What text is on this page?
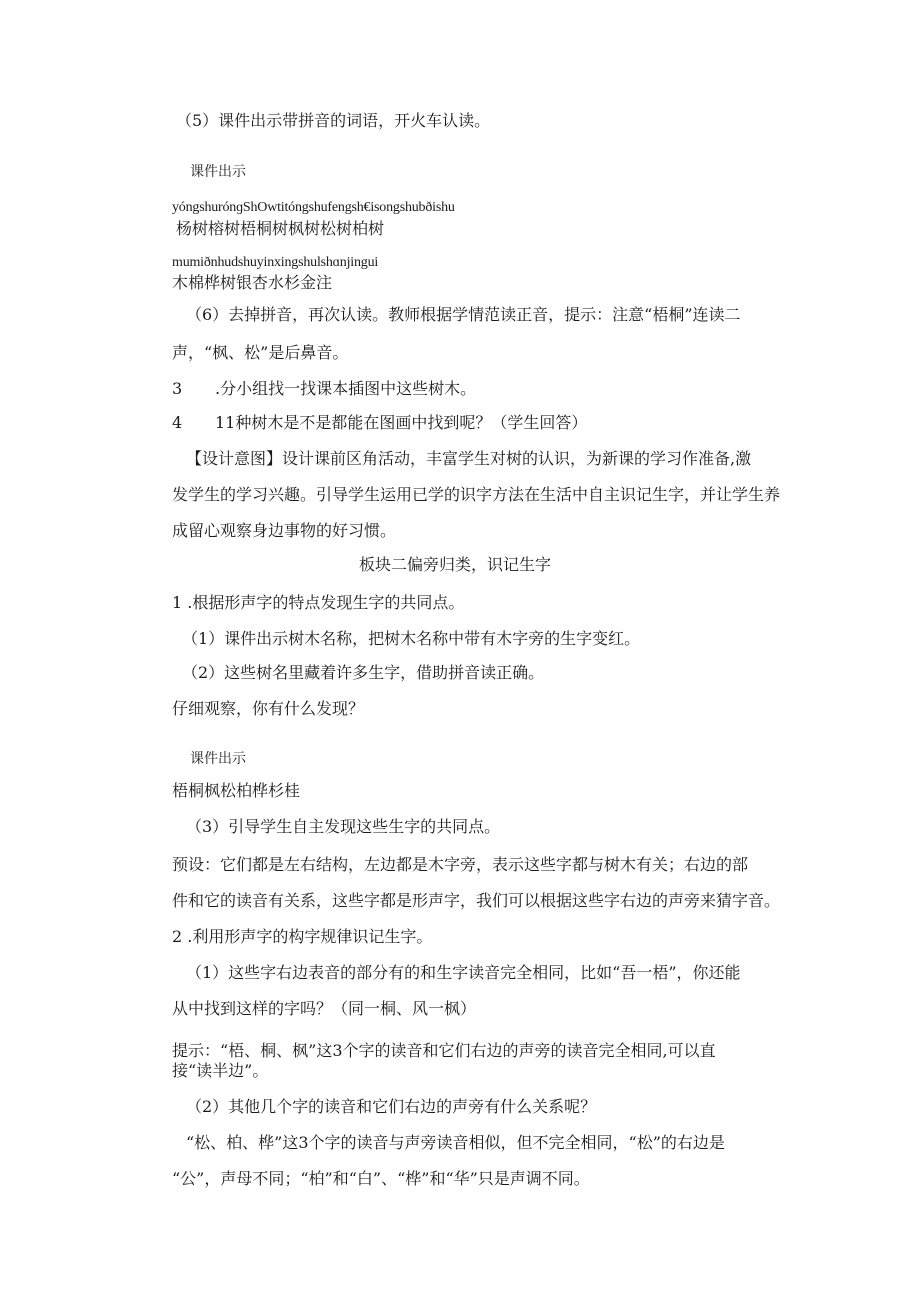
（5）课件出示带拼音的词语，开火车认读。
课件出示
yóngshurónɡShOwtitóngshufengsh€isongshubðishu
杨树榕树梧桐树枫树松树柏树
mumiðnhudshuyinxingshulshɑnjingui
木棉桦树银杏水杉金注
（6）去掉拼音，再次认读。教师根据学情范读正音，提示：注意“梧桐”连读二
声，“枫、松”是后鼻音。
3 .分小组找一找课本插图中这些树木。
4 11种树木是不是都能在图画中找到呢？（学生回答）
【设计意图】设计课前区角活动，丰富学生对树的认识，为新课的学习作准备,激
发学生的学习兴趣。引导学生运用已学的识字方法在生活中自主识记生字，并让学生养
成留心观察身边事物的好习惯。
板块二偏旁归类，识记生字
1 .根据形声字的特点发现生字的共同点。
（1）课件出示树木名称，把树木名称中带有木字旁的生字变红。
（2）这些树名里藏着许多生字，借助拼音读正确。
仔细观察，你有什么发现？
课件出示
梧桐枫松柏桦杉桂
（3）引导学生自主发现这些生字的共同点。
预设：它们都是左右结构，左边都是木字旁，表示这些字都与树木有关；右边的部
件和它的读音有关系，这些字都是形声字，我们可以根据这些字右边的声旁来猜字音。
2 .利用形声字的构字规律识记生字。
（1）这些字右边表音的部分有的和生字读音完全相同，比如“吾一梧”，你还能
从中找到这样的字吗？（同一桐、风一枫）
提示：“梧、桐、枫”这3个字的读音和它们右边的声旁的读音完全相同,可以直
接“读半边”。
（2）其他几个字的读音和它们右边的声旁有什么关系呢？
“松、柏、桦”这3个字的读音与声旁读音相似，但不完全相同，“松”的右边是
“公”，声母不同；“柏”和“白”、“桦”和“华”只是声调不同。
